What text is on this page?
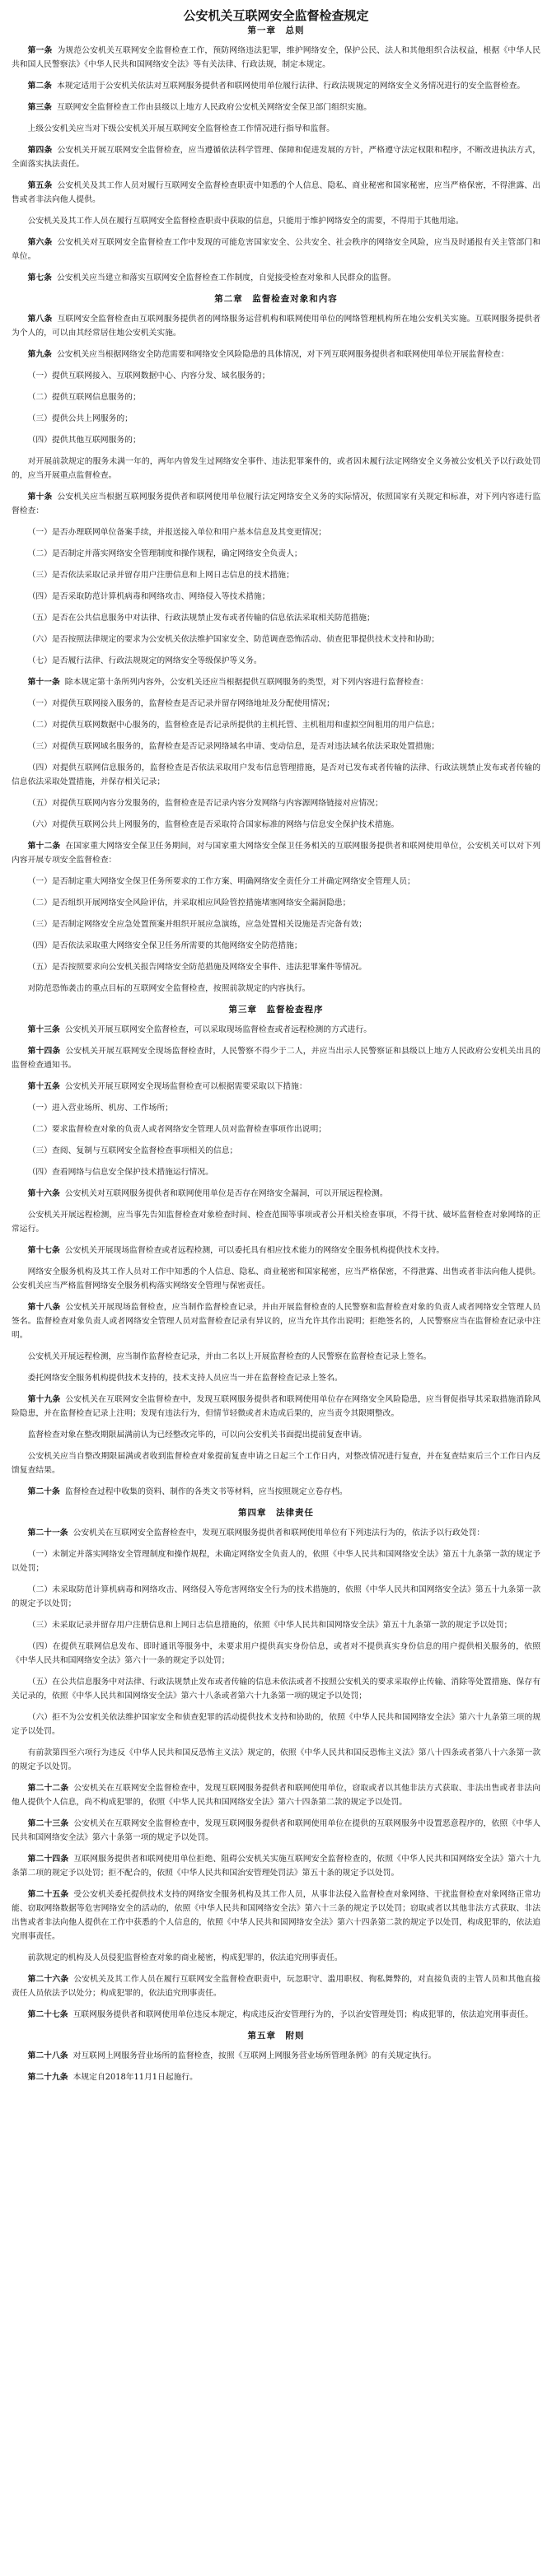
公安机关互联网安全监督检查规定
第一章　总则

第一条 为规范公安机关互联网安全监督检查工作，预防网络违法犯罪，维护网络安全，保护公民、法人和其他组织合法权益，根据《中华人民共和国人民警察法》《中华人民共和国网络安全法》等有关法律、行政法规，制定本规定。

第二条 本规定适用于公安机关依法对互联网服务提供者和联网使用单位履行法律、行政法规规定的网络安全义务情况进行的安全监督检查。

第三条 互联网安全监督检查工作由县级以上地方人民政府公安机关网络安全保卫部门组织实施。

上级公安机关应当对下级公安机关开展互联网安全监督检查工作情况进行指导和监督。

第四条 公安机关开展互联网安全监督检查，应当遵循依法科学管理、保障和促进发展的方针，严格遵守法定权限和程序，不断改进执法方式，全面落实执法责任。

第五条 公安机关及其工作人员对履行互联网安全监督检查职责中知悉的个人信息、隐私、商业秘密和国家秘密，应当严格保密，不得泄露、出售或者非法向他人提供。

公安机关及其工作人员在履行互联网安全监督检查职责中获取的信息，只能用于维护网络安全的需要，不得用于其他用途。

第六条 公安机关对互联网安全监督检查工作中发现的可能危害国家安全、公共安全、社会秩序的网络安全风险，应当及时通报有关主管部门和单位。

第七条 公安机关应当建立和落实互联网安全监督检查工作制度，自觉接受检查对象和人民群众的监督。

第二章　监督检查对象和内容

第八条 互联网安全监督检查由互联网服务提供者的网络服务运营机构和联网使用单位的网络管理机构所在地公安机关实施。互联网服务提供者为个人的，可以由其经常居住地公安机关实施。

第九条 公安机关应当根据网络安全防范需要和网络安全风险隐患的具体情况，对下列互联网服务提供者和联网使用单位开展监督检查：

（一）提供互联网接入、互联网数据中心、内容分发、域名服务的；

（二）提供互联网信息服务的；

（三）提供公共上网服务的；

（四）提供其他互联网服务的；

对开展前款规定的服务未满一年的，两年内曾发生过网络安全事件、违法犯罪案件的，或者因未履行法定网络安全义务被公安机关予以行政处罚的，应当开展重点监督检查。

第十条 公安机关应当根据互联网服务提供者和联网使用单位履行法定网络安全义务的实际情况，依照国家有关规定和标准，对下列内容进行监督检查：

（一）是否办理联网单位备案手续，并报送接入单位和用户基本信息及其变更情况；

（二）是否制定并落实网络安全管理制度和操作规程，确定网络安全负责人；

（三）是否依法采取记录并留存用户注册信息和上网日志信息的技术措施；

（四）是否采取防范计算机病毒和网络攻击、网络侵入等技术措施；

（五）是否在公共信息服务中对法律、行政法规禁止发布或者传输的信息依法采取相关防范措施；

（六）是否按照法律规定的要求为公安机关依法维护国家安全、防范调查恐怖活动、侦查犯罪提供技术支持和协助；

（七）是否履行法律、行政法规规定的网络安全等级保护等义务。

第十一条 除本规定第十条所列内容外，公安机关还应当根据提供互联网服务的类型，对下列内容进行监督检查：

（一）对提供互联网接入服务的，监督检查是否记录并留存网络地址及分配使用情况；

（二）对提供互联网数据中心服务的，监督检查是否记录所提供的主机托管、主机租用和虚拟空间租用的用户信息；

（三）对提供互联网域名服务的，监督检查是否记录网络域名申请、变动信息，是否对违法域名依法采取处置措施；

（四）对提供互联网信息服务的，监督检查是否依法采取用户发布信息管理措施，是否对已发布或者传输的法律、行政法规禁止发布或者传输的信息依法采取处置措施，并保存相关记录；

（五）对提供互联网内容分发服务的，监督检查是否记录内容分发网络与内容源网络链接对应情况；

（六）对提供互联网公共上网服务的，监督检查是否采取符合国家标准的网络与信息安全保护技术措施。

第十二条 在国家重大网络安全保卫任务期间，对与国家重大网络安全保卫任务相关的互联网服务提供者和联网使用单位，公安机关可以对下列内容开展专项安全监督检查：

（一）是否制定重大网络安全保卫任务所要求的工作方案、明确网络安全责任分工并确定网络安全管理人员；

（二）是否组织开展网络安全风险评估，并采取相应风险管控措施堵塞网络安全漏洞隐患；

（三）是否制定网络安全应急处置预案并组织开展应急演练，应急处置相关设施是否完备有效；

（四）是否依法采取重大网络安全保卫任务所需要的其他网络安全防范措施；

（五）是否按照要求向公安机关报告网络安全防范措施及网络安全事件、违法犯罪案件等情况。

对防范恐怖袭击的重点目标的互联网安全监督检查，按照前款规定的内容执行。

第三章　监督检查程序

第十三条 公安机关开展互联网安全监督检查，可以采取现场监督检查或者远程检测的方式进行。

第十四条 公安机关开展互联网安全现场监督检查时，人民警察不得少于二人，并应当出示人民警察证和县级以上地方人民政府公安机关出具的监督检查通知书。

第十五条 公安机关开展互联网安全现场监督检查可以根据需要采取以下措施：

（一）进入营业场所、机房、工作场所；

（二）要求监督检查对象的负责人或者网络安全管理人员对监督检查事项作出说明；

（三）查阅、复制与互联网安全监督检查事项相关的信息；

（四）查看网络与信息安全保护技术措施运行情况。

第十六条 公安机关对互联网服务提供者和联网使用单位是否存在网络安全漏洞，可以开展远程检测。

公安机关开展远程检测，应当事先告知监督检查对象检查时间、检查范围等事项或者公开相关检查事项，不得干扰、破坏监督检查对象网络的正常运行。

第十七条 公安机关开展现场监督检查或者远程检测，可以委托具有相应技术能力的网络安全服务机构提供技术支持。

网络安全服务机构及其工作人员对工作中知悉的个人信息、隐私、商业秘密和国家秘密，应当严格保密，不得泄露、出售或者非法向他人提供。公安机关应当严格监督网络安全服务机构落实网络安全管理与保密责任。

第十八条 公安机关开展现场监督检查，应当制作监督检查记录，并由开展监督检查的人民警察和监督检查对象的负责人或者网络安全管理人员签名。监督检查对象负责人或者网络安全管理人员对监督检查记录有异议的，应当允许其作出说明；拒绝签名的，人民警察应当在监督检查记录中注明。

公安机关开展远程检测，应当制作监督检查记录，并由二名以上开展监督检查的人民警察在监督检查记录上签名。

委托网络安全服务机构提供技术支持的，技术支持人员应当一并在监督检查记录上签名。

第十九条 公安机关在互联网安全监督检查中，发现互联网服务提供者和联网使用单位存在网络安全风险隐患，应当督促指导其采取措施消除风险隐患，并在监督检查记录上注明；发现有违法行为，但情节轻微或者未造成后果的，应当责令其限期整改。

监督检查对象在整改期限届满前认为已经整改完毕的，可以向公安机关书面提出提前复查申请。

公安机关应当自整改期限届满或者收到监督检查对象提前复查申请之日起三个工作日内，对整改情况进行复查，并在复查结束后三个工作日内反馈复查结果。

第二十条 监督检查过程中收集的资料、制作的各类文书等材料，应当按照规定立卷存档。

第四章　法律责任

第二十一条 公安机关在互联网安全监督检查中，发现互联网服务提供者和联网使用单位有下列违法行为的，依法予以行政处罚：

（一）未制定并落实网络安全管理制度和操作规程，未确定网络安全负责人的，依照《中华人民共和国网络安全法》第五十九条第一款的规定予以处罚；

（二）未采取防范计算机病毒和网络攻击、网络侵入等危害网络安全行为的技术措施的，依照《中华人民共和国网络安全法》第五十九条第一款的规定予以处罚；

（三）未采取记录并留存用户注册信息和上网日志信息措施的，依照《中华人民共和国网络安全法》第五十九条第一款的规定予以处罚；

（四）在提供互联网信息发布、即时通讯等服务中，未要求用户提供真实身份信息，或者对不提供真实身份信息的用户提供相关服务的，依照《中华人民共和国网络安全法》第六十一条的规定予以处罚；

（五）在公共信息服务中对法律、行政法规禁止发布或者传输的信息未依法或者不按照公安机关的要求采取停止传输、消除等处置措施、保存有关记录的，依照《中华人民共和国网络安全法》第六十八条或者第六十九条第一项的规定予以处罚；

（六）拒不为公安机关依法维护国家安全和侦查犯罪的活动提供技术支持和协助的，依照《中华人民共和国网络安全法》第六十九条第三项的规定予以处罚。

有前款第四至六项行为违反《中华人民共和国反恐怖主义法》规定的，依照《中华人民共和国反恐怖主义法》第八十四条或者第八十六条第一款的规定予以处罚。

第二十二条 公安机关在互联网安全监督检查中，发现互联网服务提供者和联网使用单位，窃取或者以其他非法方式获取、非法出售或者非法向他人提供个人信息，尚不构成犯罪的，依照《中华人民共和国网络安全法》第六十四条第二款的规定予以处罚。

第二十三条 公安机关在互联网安全监督检查中，发现互联网服务提供者和联网使用单位在提供的互联网服务中设置恶意程序的，依照《中华人民共和国网络安全法》第六十条第一项的规定予以处罚。

第二十四条 互联网服务提供者和联网使用单位拒绝、阻碍公安机关实施互联网安全监督检查的，依照《中华人民共和国网络安全法》第六十九条第二项的规定予以处罚；拒不配合的，依照《中华人民共和国治安管理处罚法》第五十条的规定予以处罚。

第二十五条 受公安机关委托提供技术支持的网络安全服务机构及其工作人员，从事非法侵入监督检查对象网络、干扰监督检查对象网络正常功能、窃取网络数据等危害网络安全的活动的，依照《中华人民共和国网络安全法》第六十三条的规定予以处罚；窃取或者以其他非法方式获取、非法出售或者非法向他人提供在工作中获悉的个人信息的，依照《中华人民共和国网络安全法》第六十四条第二款的规定予以处罚，构成犯罪的，依法追究刑事责任。

前款规定的机构及人员侵犯监督检查对象的商业秘密，构成犯罪的，依法追究刑事责任。

第二十六条 公安机关及其工作人员在履行互联网安全监督检查职责中，玩忽职守、滥用职权、徇私舞弊的，对直接负责的主管人员和其他直接责任人员依法予以处分；构成犯罪的，依法追究刑事责任。

第二十七条 互联网服务提供者和联网使用单位违反本规定，构成违反治安管理行为的，予以治安管理处罚；构成犯罪的，依法追究刑事责任。

第五章　附则

第二十八条 对互联网上网服务营业场所的监督检查，按照《互联网上网服务营业场所管理条例》的有关规定执行。

第二十九条 本规定自2018年11月1日起施行。
